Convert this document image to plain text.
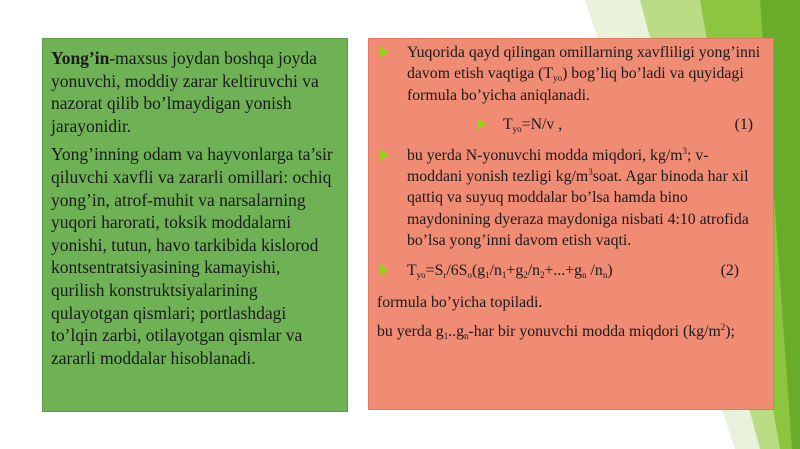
Yong’in-maxsus joydan boshqa joyda yonuvchi, moddiy zarar keltiruvchi va nazorat qilib bo’lmaydigan yonish jarayonidir.

Yong’inning odam va hayvonlarga ta’sir qiluvchi xavfli va zararli omillari: ochiq yong’in, atrof-muhit va narsalarning yuqori harorati, toksik moddalarni yonishi, tutun, havo tarkibida kislorod kontsentratsiyasining kamayishi, qurilish konstruktsiyalarining qulayotgan qismlari; portlashdagi to’lqin zarbi, otilayotgan qismlar va zararli moddalar hisoblanadi.

Yuqorida qayd qilingan omillarning xavfliligi yong’inni davom etish vaqtiga $(T_{yo})$ bog’liq bo’ladi va quyidagi formula bo’yicha aniqlanadi.
$T_{yo}=N/v$ ,	(1)
bu yerda N-yonuvchi modda miqdori, $kg/m^3$; v-moddani yonish tezligi $kg/m^3soat$. Agar binoda har xil qattiq va suyuq moddalar bo’lsa hamda bino maydonining dyeraza maydoniga nisbati 4:10 atrofida bo’lsa yong’inni davom etish vaqti.
$T_{yo}=S_r/6S_o(g_1/n_1+g_2/n_2+...+g_n$ $/n_n$)	(2)

formula bo’yicha topiladi.

bu yerda $g_1..g_n$-har bir yonuvchi modda miqdori $(kg/m^2)$;
